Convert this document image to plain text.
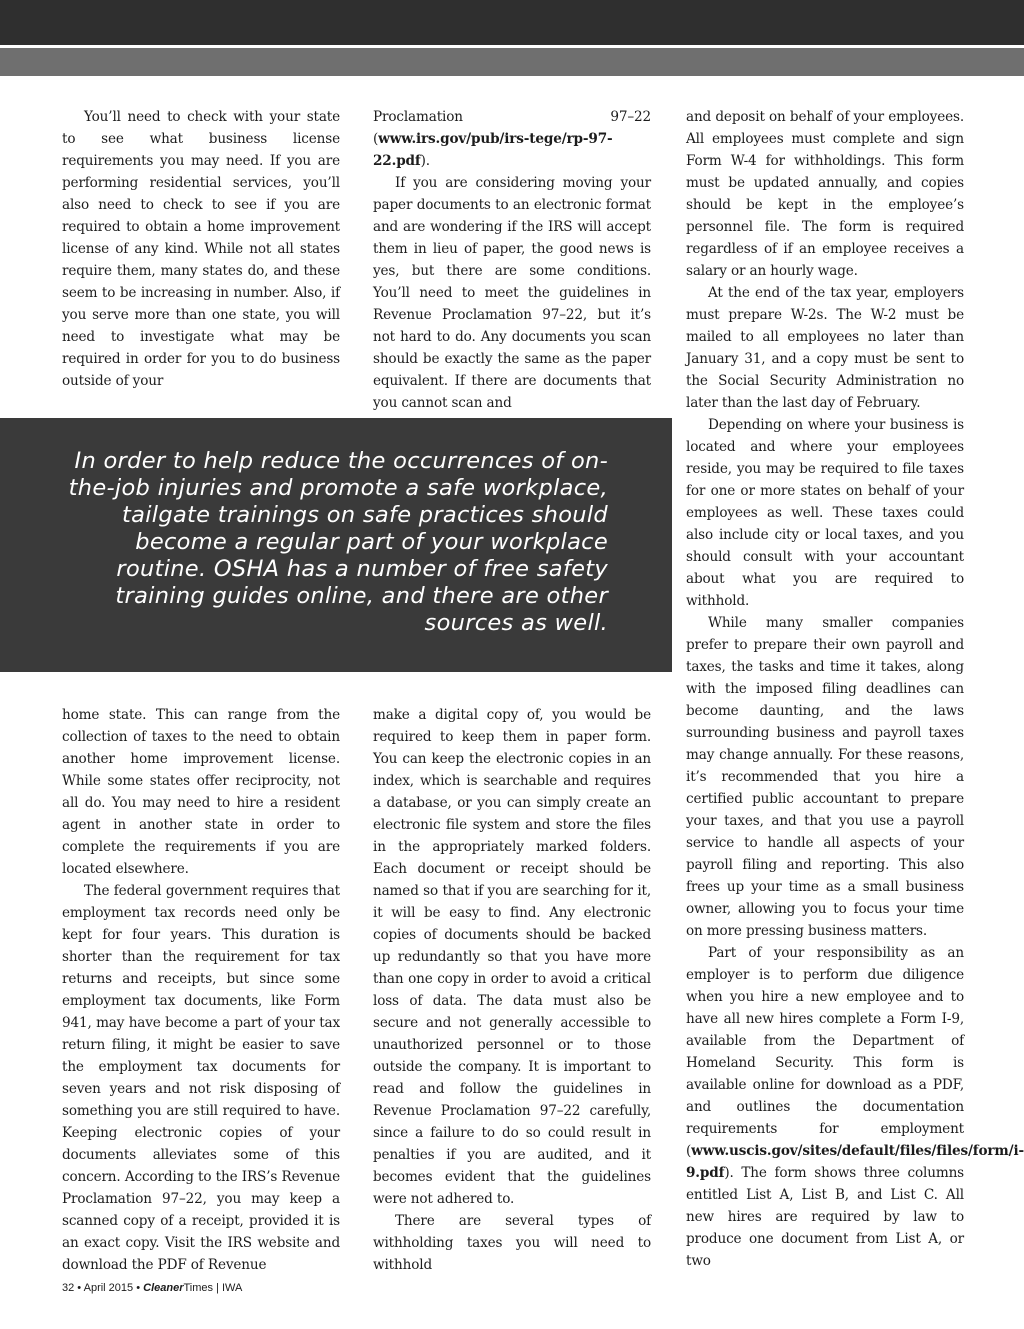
You’ll need to check with your state to see what business license requirements you may need. If you are performing residential services, you’ll also need to check to see if you are required to obtain a home improvement license of any kind. While not all states require them, many states do, and these seem to be increasing in number. Also, if you serve more than one state, you will need to investigate what may be required in order for you to do business outside of your

Proclamation 97–22 (www.irs.gov/pub/irs-tege/rp-97-22.pdf).

If you are considering moving your paper documents to an electronic format and are wondering if the IRS will accept them in lieu of paper, the good news is yes, but there are some conditions. You’ll need to meet the guidelines in Revenue Proclamation 97–22, but it’s not hard to do. Any documents you scan should be exactly the same as the paper equivalent. If there are documents that you cannot scan and

In order to help reduce the occurrences of on-the-job injuries and promote a safe workplace, tailgate trainings on safe practices should become a regular part of your workplace routine. OSHA has a number of free safety training guides online, and there are other sources as well.

home state. This can range from the collection of taxes to the need to obtain another home improvement license. While some states offer reciprocity, not all do. You may need to hire a resident agent in another state in order to complete the requirements if you are located elsewhere.

The federal government requires that employment tax records need only be kept for four years. This duration is shorter than the requirement for tax returns and receipts, but since some employment tax documents, like Form 941, may have become a part of your tax return filing, it might be easier to save the employment tax documents for seven years and not risk disposing of something you are still required to have. Keeping electronic copies of your documents alleviates some of this concern. According to the IRS’s Revenue Proclamation 97–22, you may keep a scanned copy of a receipt, provided it is an exact copy. Visit the IRS website and download the PDF of Revenue

make a digital copy of, you would be required to keep them in paper form. You can keep the electronic copies in an index, which is searchable and requires a database, or you can simply create an electronic file system and store the files in the appropriately marked folders. Each document or receipt should be named so that if you are searching for it, it will be easy to find. Any electronic copies of documents should be backed up redundantly so that you have more than one copy in order to avoid a critical loss of data. The data must also be secure and not generally accessible to unauthorized personnel or to those outside the company. It is important to read and follow the guidelines in Revenue Proclamation 97–22 carefully, since a failure to do so could result in penalties if you are audited, and it becomes evident that the guidelines were not adhered to.

There are several types of withholding taxes you will need to withhold

and deposit on behalf of your employees. All employees must complete and sign Form W-4 for withholdings. This form must be updated annually, and copies should be kept in the employee’s personnel file. The form is required regardless of if an employee receives a salary or an hourly wage.

At the end of the tax year, employers must prepare W-2s. The W-2 must be mailed to all employees no later than January 31, and a copy must be sent to the Social Security Administration no later than the last day of February.

Depending on where your business is located and where your employees reside, you may be required to file taxes for one or more states on behalf of your employees as well. These taxes could also include city or local taxes, and you should consult with your accountant about what you are required to withhold.

While many smaller companies prefer to prepare their own payroll and taxes, the tasks and time it takes, along with the imposed filing deadlines can become daunting, and the laws surrounding business and payroll taxes may change annually. For these reasons, it’s recommended that you hire a certified public accountant to prepare your taxes, and that you use a payroll service to handle all aspects of your payroll filing and reporting. This also frees up your time as a small business owner, allowing you to focus your time on more pressing business matters.

Part of your responsibility as an employer is to perform due diligence when you hire a new employee and to have all new hires complete a Form I-9, available from the Department of Homeland Security. This form is available online for download as a PDF, and outlines the documentation requirements for employment (www.uscis.gov/sites/default/files/files/form/i-9.pdf). The form shows three columns entitled List A, List B, and List C. All new hires are required by law to produce one document from List A, or two

32 • April 2015 • CleanerTimes | IWA
